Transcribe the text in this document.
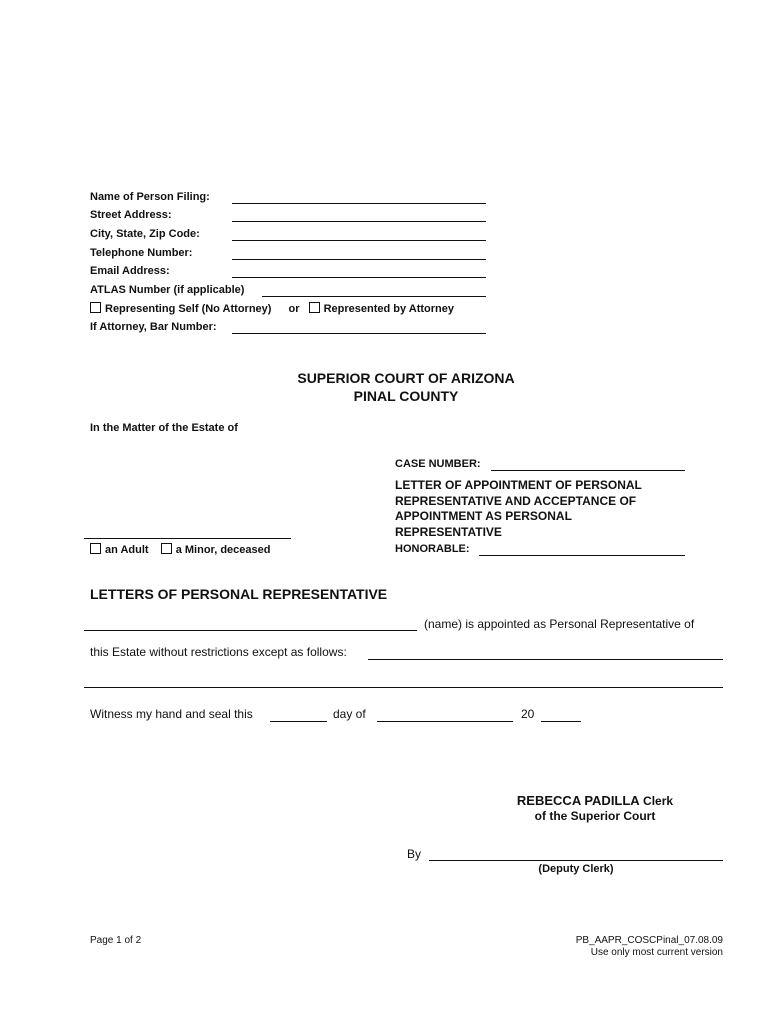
Name of Person Filing:
Street Address:
City, State, Zip Code:
Telephone Number:
Email Address:
ATLAS Number (if applicable)
Representing Self (No Attorney) or Represented by Attorney
If Attorney, Bar Number:
SUPERIOR COURT OF ARIZONA
PINAL COUNTY
In the Matter of the Estate of
an Adult a Minor, deceased
CASE NUMBER:
LETTER OF APPOINTMENT OF PERSONAL
REPRESENTATIVE AND ACCEPTANCE OF
APPOINTMENT AS PERSONAL
REPRESENTATIVE
HONORABLE:
LETTERS OF PERSONAL REPRESENTATIVE
(name) is appointed as Personal Representative of
this Estate without restrictions except as follows:
Witness my hand and seal this	day of	20
REBECCA PADILLA Clerk
of the Superior Court
By
(Deputy Clerk)
Page 1 of 2	PB_AAPR_COSCPinal_07.08.09
Use only most current version
